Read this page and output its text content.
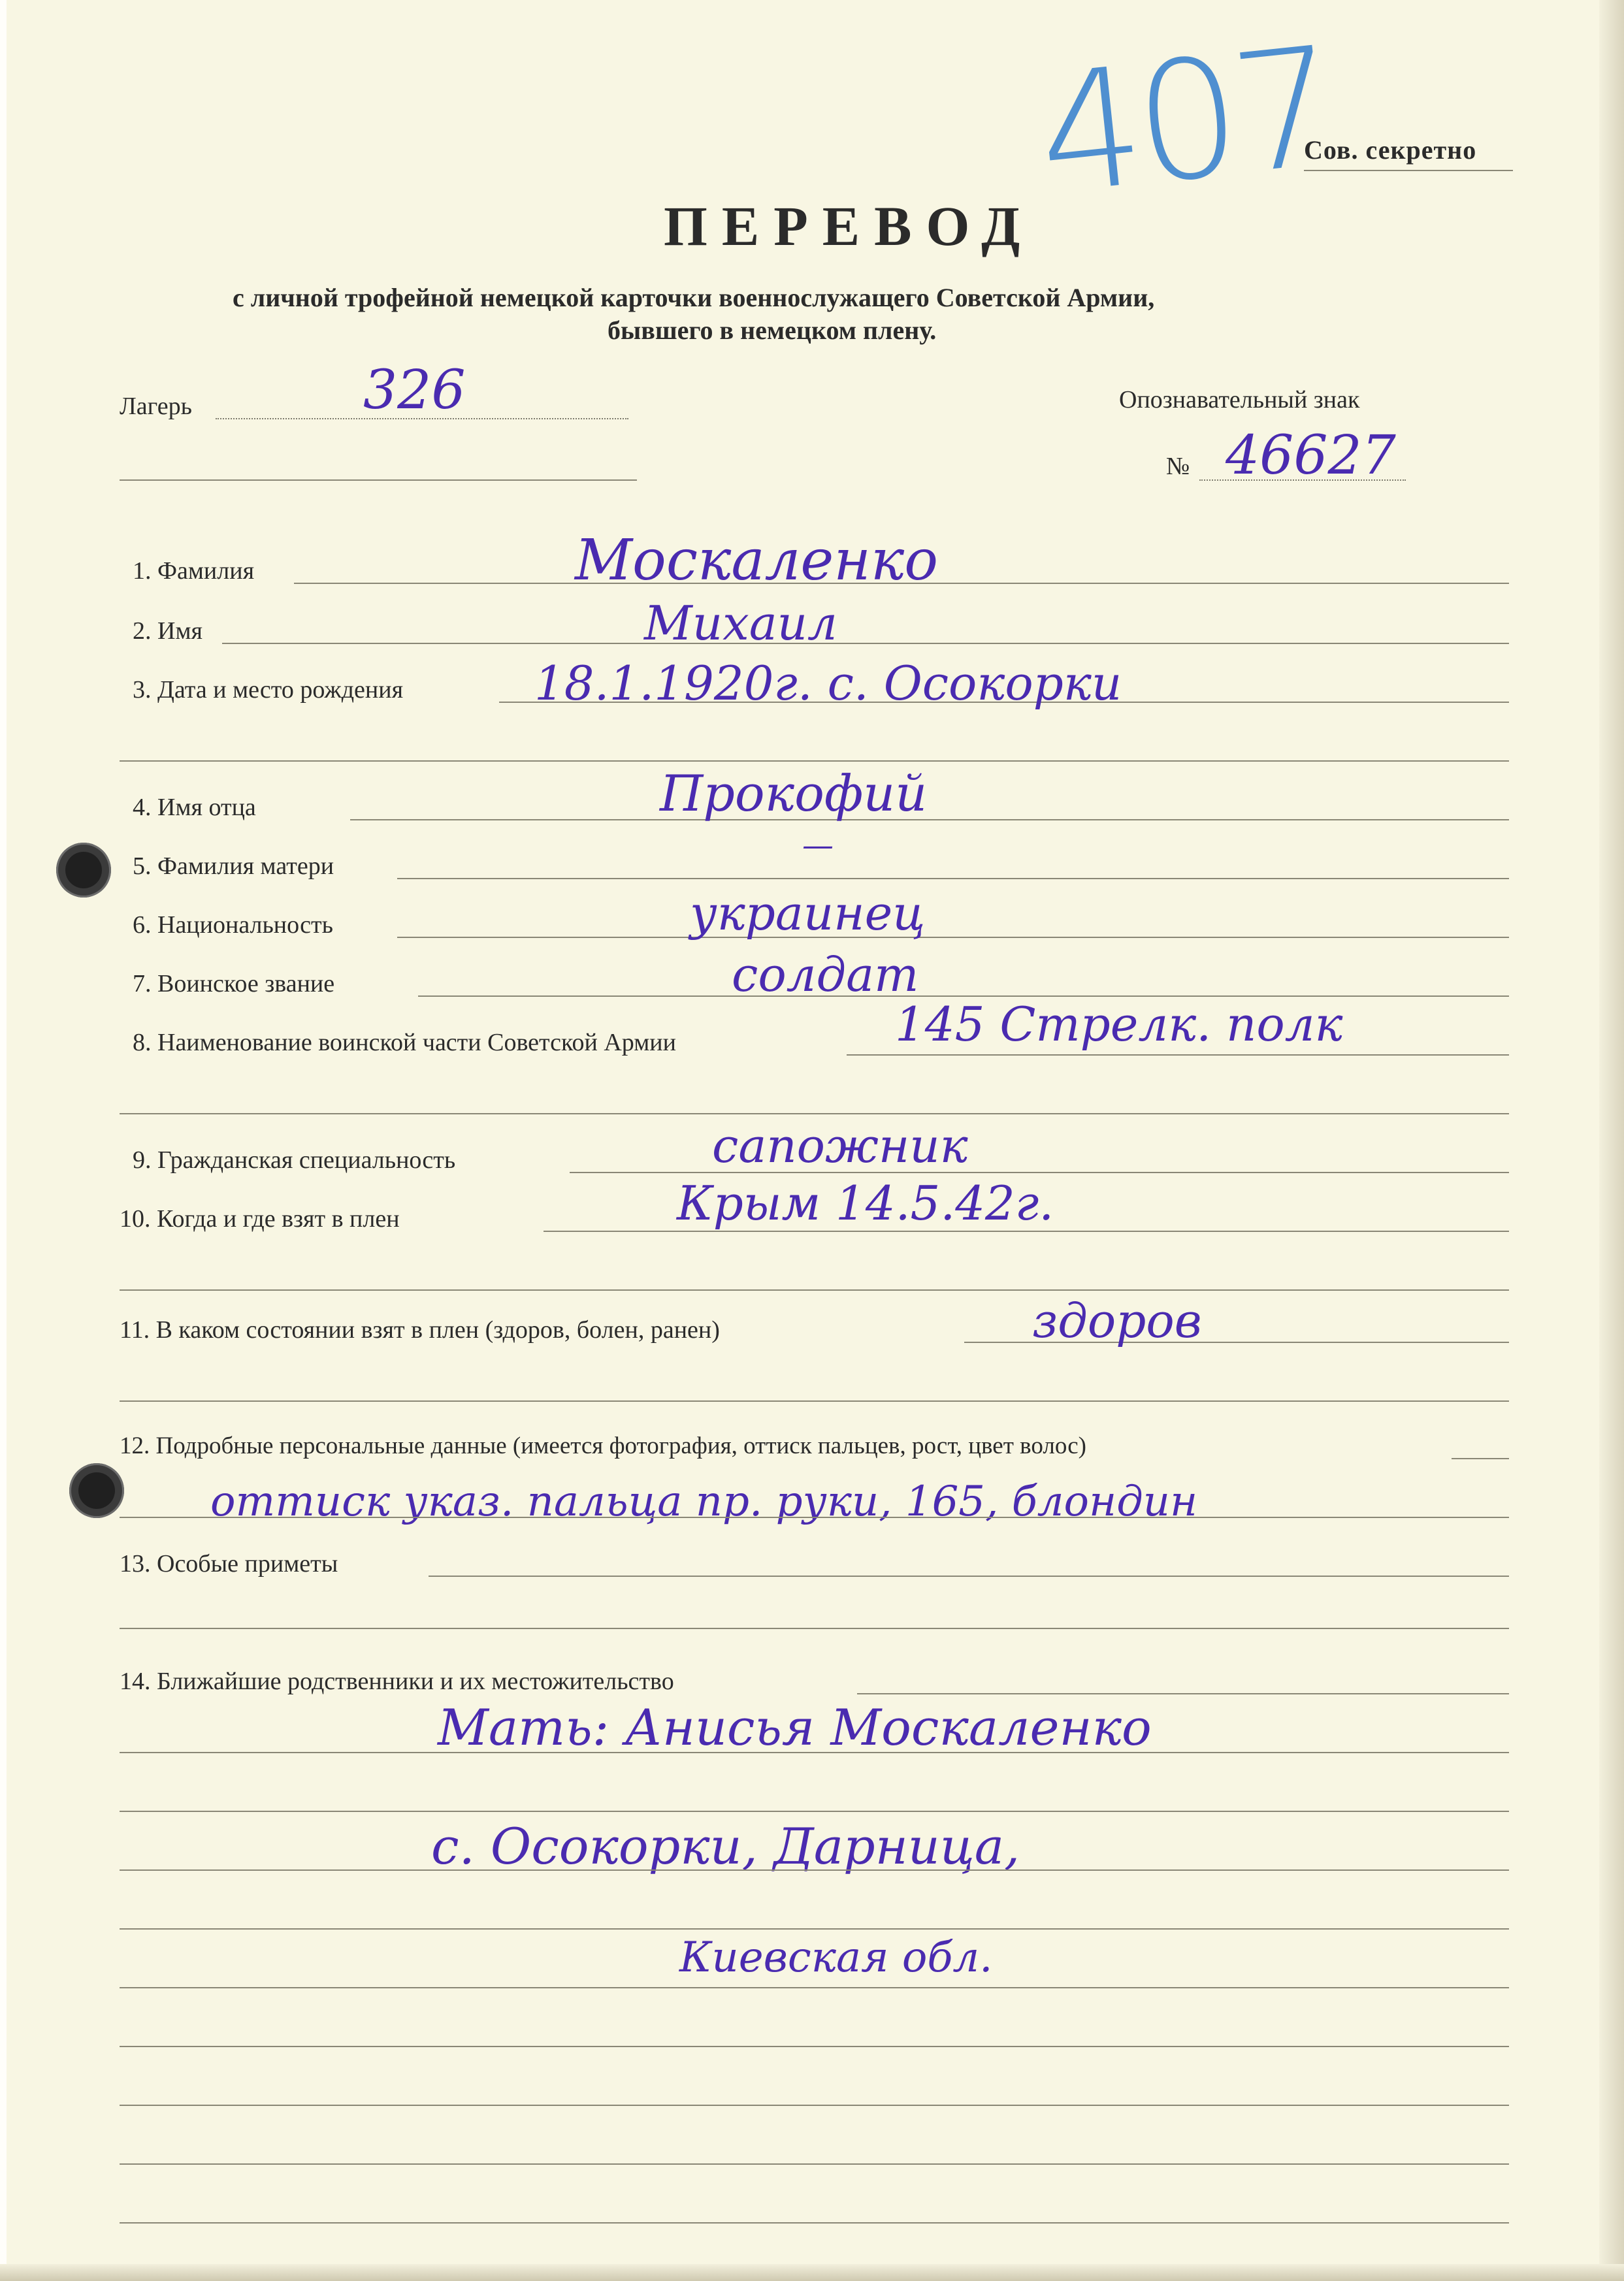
407
Сов. секретно
ПЕРЕВОД
с личной трофейной немецкой карточки военнослужащего Советской Армии,
бывшего в немецком плену.
Лагерь	326	Опознавательный знак
№ 46627
1. Фамилия	Москаленко
2. Имя	Михаил
3. Дата и место рождения	18.1.1920г. с. Осокорки
4. Имя отца	Прокофий
5. Фамилия матери
—
6. Национальность	украинец
7. Воинское звание	солдат
8. Наименование воинской части Советской Армии	145 Стрелк. полк
9. Гражданская специальность	сапожник
10. Когда и где взят в плен	Крым 14.5.42г.
11. В каком состоянии взят в плен (здоров, болен, ранен)	здоров
12. Подробные персональные данные (имеется фотография, оттиск пальцев, рост, цвет волос)
оттиск указ. пальца пр. руки, 165, блондин
13. Особые приметы
14. Ближайшие родственники и их местожительство
Мать: Анисья Москаленко
с. Осокорки, Дарница,
Киевская обл.
